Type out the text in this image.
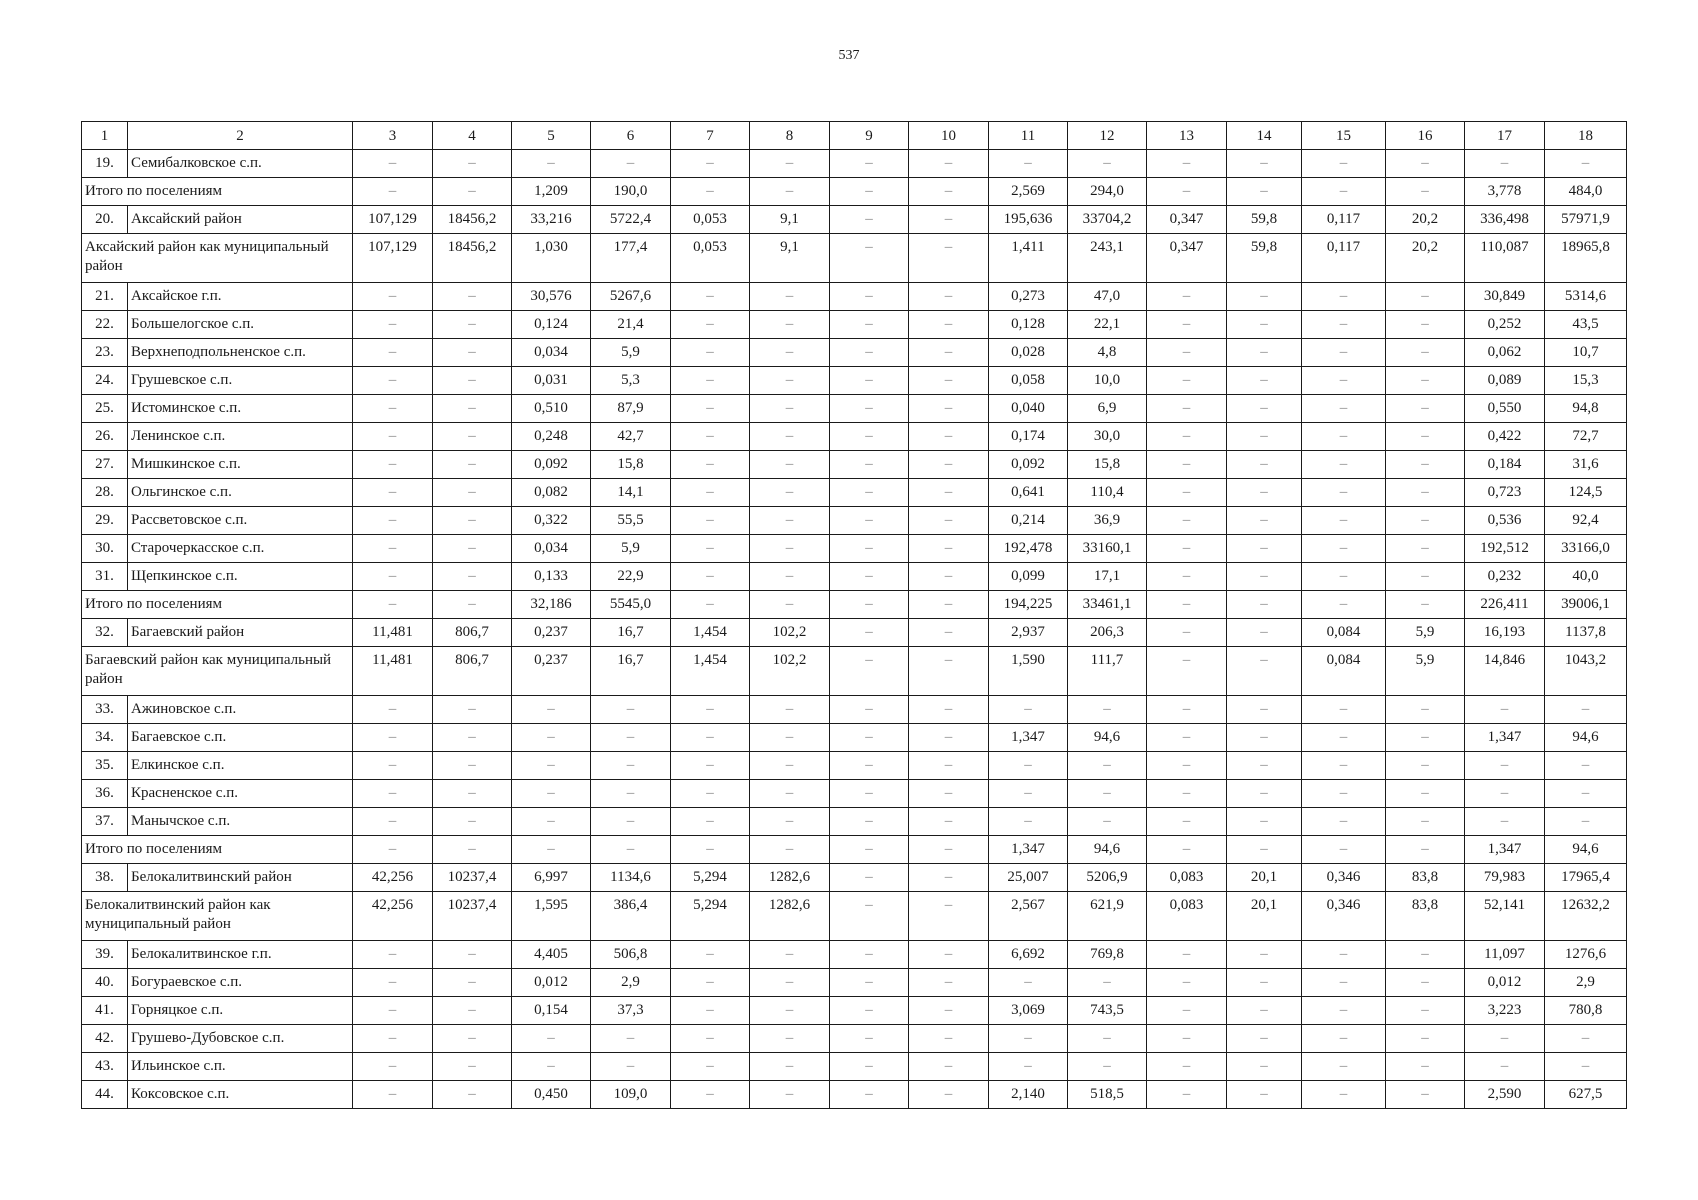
537
1	2	3	4	5	6	7	8	9	10	11	12	13	14	15	16	17	18
19.	Семибалковское с.п.	–	–	–	–	–	–	–	–	–	–	–	–	–	–	–	–
Итого по поселениям		–	–	1,209	190,0	–	–	–	–	2,569	294,0	–	–	–	–	3,778	484,0
20.	Аксайский район	107,129	18456,2	33,216	5722,4	0,053	9,1	–	–	195,636	33704,2	0,347	59,8	0,117	20,2	336,498	57971,9
Аксайский район как муниципальный район		107,129	18456,2	1,030	177,4	0,053	9,1	–	–	1,411	243,1	0,347	59,8	0,117	20,2	110,087	18965,8
21.	Аксайское г.п.	–	–	30,576	5267,6	–	–	–	–	0,273	47,0	–	–	–	–	30,849	5314,6
22.	Большелогское с.п.	–	–	0,124	21,4	–	–	–	–	0,128	22,1	–	–	–	–	0,252	43,5
23.	Верхнеподпольненское с.п.	–	–	0,034	5,9	–	–	–	–	0,028	4,8	–	–	–	–	0,062	10,7
24.	Грушевское с.п.	–	–	0,031	5,3	–	–	–	–	0,058	10,0	–	–	–	–	0,089	15,3
25.	Истоминское с.п.	–	–	0,510	87,9	–	–	–	–	0,040	6,9	–	–	–	–	0,550	94,8
26.	Ленинское с.п.	–	–	0,248	42,7	–	–	–	–	0,174	30,0	–	–	–	–	0,422	72,7
27.	Мишкинское с.п.	–	–	0,092	15,8	–	–	–	–	0,092	15,8	–	–	–	–	0,184	31,6
28.	Ольгинское с.п.	–	–	0,082	14,1	–	–	–	–	0,641	110,4	–	–	–	–	0,723	124,5
29.	Рассветовское с.п.	–	–	0,322	55,5	–	–	–	–	0,214	36,9	–	–	–	–	0,536	92,4
30.	Старочеркасское с.п.	–	–	0,034	5,9	–	–	–	–	192,478	33160,1	–	–	–	–	192,512	33166,0
31.	Щепкинское с.п.	–	–	0,133	22,9	–	–	–	–	0,099	17,1	–	–	–	–	0,232	40,0
Итого по поселениям		–	–	32,186	5545,0	–	–	–	–	194,225	33461,1	–	–	–	–	226,411	39006,1
32.	Багаевский район	11,481	806,7	0,237	16,7	1,454	102,2	–	–	2,937	206,3	–	–	0,084	5,9	16,193	1137,8
Багаевский район как муниципальный район		11,481	806,7	0,237	16,7	1,454	102,2	–	–	1,590	111,7	–	–	0,084	5,9	14,846	1043,2
33.	Ажиновское с.п.	–	–	–	–	–	–	–	–	–	–	–	–	–	–	–	–
34.	Багаевское с.п.	–	–	–	–	–	–	–	–	1,347	94,6	–	–	–	–	1,347	94,6
35.	Елкинское с.п.	–	–	–	–	–	–	–	–	–	–	–	–	–	–	–	–
36.	Красненское с.п.	–	–	–	–	–	–	–	–	–	–	–	–	–	–	–	–
37.	Манычское с.п.	–	–	–	–	–	–	–	–	–	–	–	–	–	–	–	–
Итого по поселениям		–	–	–	–	–	–	–	–	1,347	94,6	–	–	–	–	1,347	94,6
38.	Белокалитвинский район	42,256	10237,4	6,997	1134,6	5,294	1282,6	–	–	25,007	5206,9	0,083	20,1	0,346	83,8	79,983	17965,4
Белокалитвинский район как муниципальный район		42,256	10237,4	1,595	386,4	5,294	1282,6	–	–	2,567	621,9	0,083	20,1	0,346	83,8	52,141	12632,2
39.	Белокалитвинское г.п.	–	–	4,405	506,8	–	–	–	–	6,692	769,8	–	–	–	–	11,097	1276,6
40.	Богураевское с.п.	–	–	0,012	2,9	–	–	–	–	–	–	–	–	–	–	0,012	2,9
41.	Горняцкое с.п.	–	–	0,154	37,3	–	–	–	–	3,069	743,5	–	–	–	–	3,223	780,8
42.	Грушево-Дубовское с.п.	–	–	–	–	–	–	–	–	–	–	–	–	–	–	–	–
43.	Ильинское с.п.	–	–	–	–	–	–	–	–	–	–	–	–	–	–	–	–
44.	Коксовское с.п.	–	–	0,450	109,0	–	–	–	–	2,140	518,5	–	–	–	–	2,590	627,5
